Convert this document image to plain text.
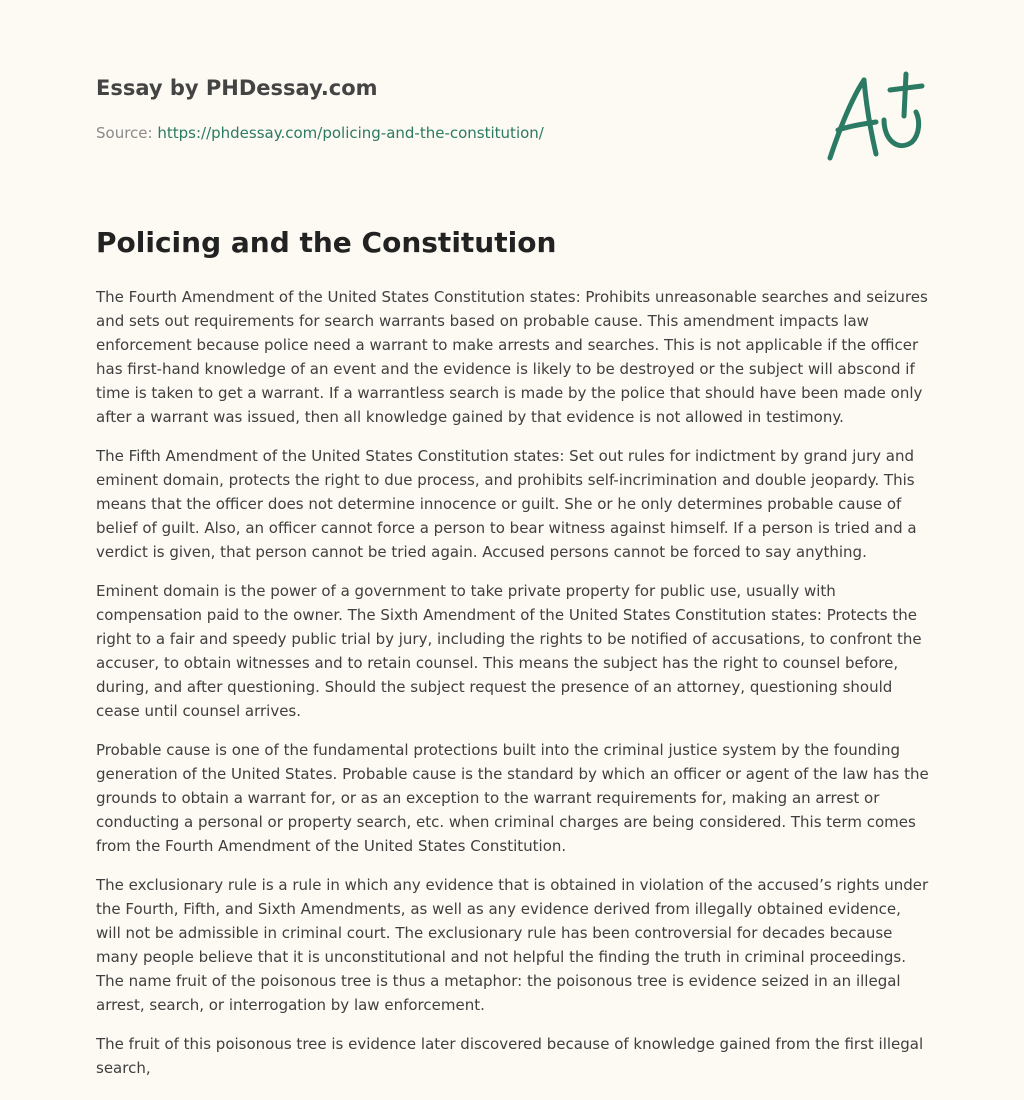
Essay by PHDessay.com
Source: https://phdessay.com/policing-and-the-constitution/
Policing and the Constitution

The Fourth Amendment of the United States Constitution states: Prohibits unreasonable searches and seizures and sets out requirements for search warrants based on probable cause. This amendment impacts law enforcement because police need a warrant to make arrests and searches. This is not applicable if the officer has first-hand knowledge of an event and the evidence is likely to be destroyed or the subject will abscond if time is taken to get a warrant. If a warrantless search is made by the police that should have been made only after a warrant was issued, then all knowledge gained by that evidence is not allowed in testimony.

The Fifth Amendment of the United States Constitution states: Set out rules for indictment by grand jury and eminent domain, protects the right to due process, and prohibits self-incrimination and double jeopardy. This means that the officer does not determine innocence or guilt. She or he only determines probable cause of belief of guilt. Also, an officer cannot force a person to bear witness against himself. If a person is tried and a verdict is given, that person cannot be tried again. Accused persons cannot be forced to say anything.

Eminent domain is the power of a government to take private property for public use, usually with compensation paid to the owner. The Sixth Amendment of the United States Constitution states: Protects the right to a fair and speedy public trial by jury, including the rights to be notified of accusations, to confront the accuser, to obtain witnesses and to retain counsel. This means the subject has the right to counsel before, during, and after questioning. Should the subject request the presence of an attorney, questioning should cease until counsel arrives.

Probable cause is one of the fundamental protections built into the criminal justice system by the founding generation of the United States. Probable cause is the standard by which an officer or agent of the law has the grounds to obtain a warrant for, or as an exception to the warrant requirements for, making an arrest or conducting a personal or property search, etc. when criminal charges are being considered. This term comes from the Fourth Amendment of the United States Constitution.

The exclusionary rule is a rule in which any evidence that is obtained in violation of the accused’s rights under the Fourth, Fifth, and Sixth Amendments, as well as any evidence derived from illegally obtained evidence, will not be admissible in criminal court. The exclusionary rule has been controversial for decades because many people believe that it is unconstitutional and not helpful the finding the truth in criminal proceedings. The name fruit of the poisonous tree is thus a metaphor: the poisonous tree is evidence seized in an illegal arrest, search, or interrogation by law enforcement.

The fruit of this poisonous tree is evidence later discovered because of knowledge gained from the first illegal search,
